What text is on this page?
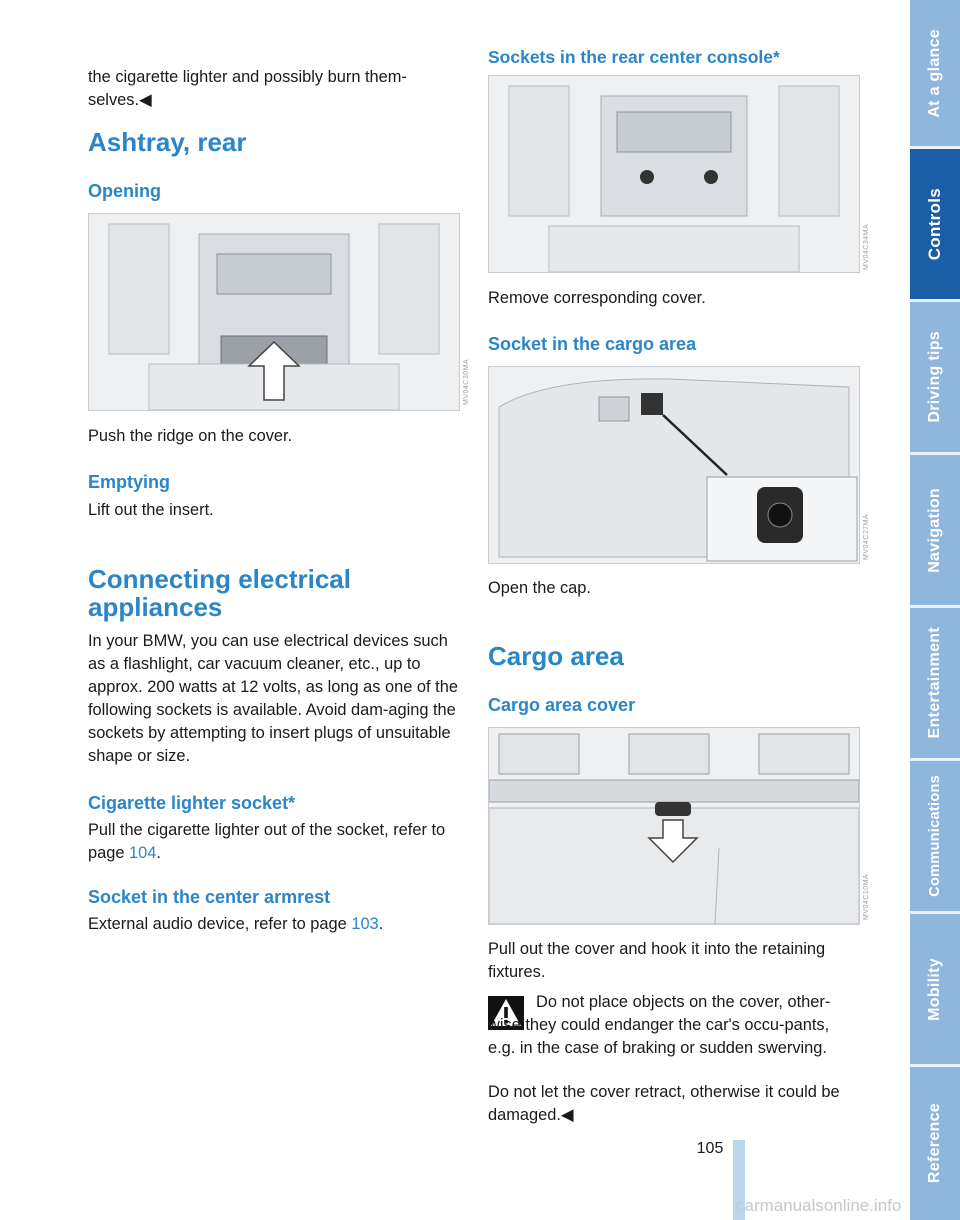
the cigarette lighter and possibly burn them-selves.◀

Ashtray, rear
Opening
MV04C30MA

Push the ridge on the cover.

Emptying

Lift out the insert.

Connecting electrical
appliances

In your BMW, you can use electrical devices such as a flashlight, car vacuum cleaner, etc., up to approx. 200 watts at 12 volts, as long as one of the following sockets is available. Avoid dam-aging the sockets by attempting to insert plugs of unsuitable shape or size.

Cigarette lighter socket*

Pull the cigarette lighter out of the socket, refer to page 104.

Socket in the center armrest

External audio device, refer to page 103.

Sockets in the rear center console*
MV04C34MA

Remove corresponding cover.

Socket in the cargo area
MV04C27MA

Open the cap.

Cargo area
Cargo area cover
MV04C10MA

Pull out the cover and hook it into the retaining fixtures.

Do not place objects on the cover, other-wise they could endanger the car's occu-pants, e.g. in the case of braking or sudden swerving.

Do not let the cover retract, otherwise it could be damaged.◀

At a glance
Controls
Driving tips
Navigation
Entertainment
Communications
Mobility
Reference
105
carmanualsonline.info
